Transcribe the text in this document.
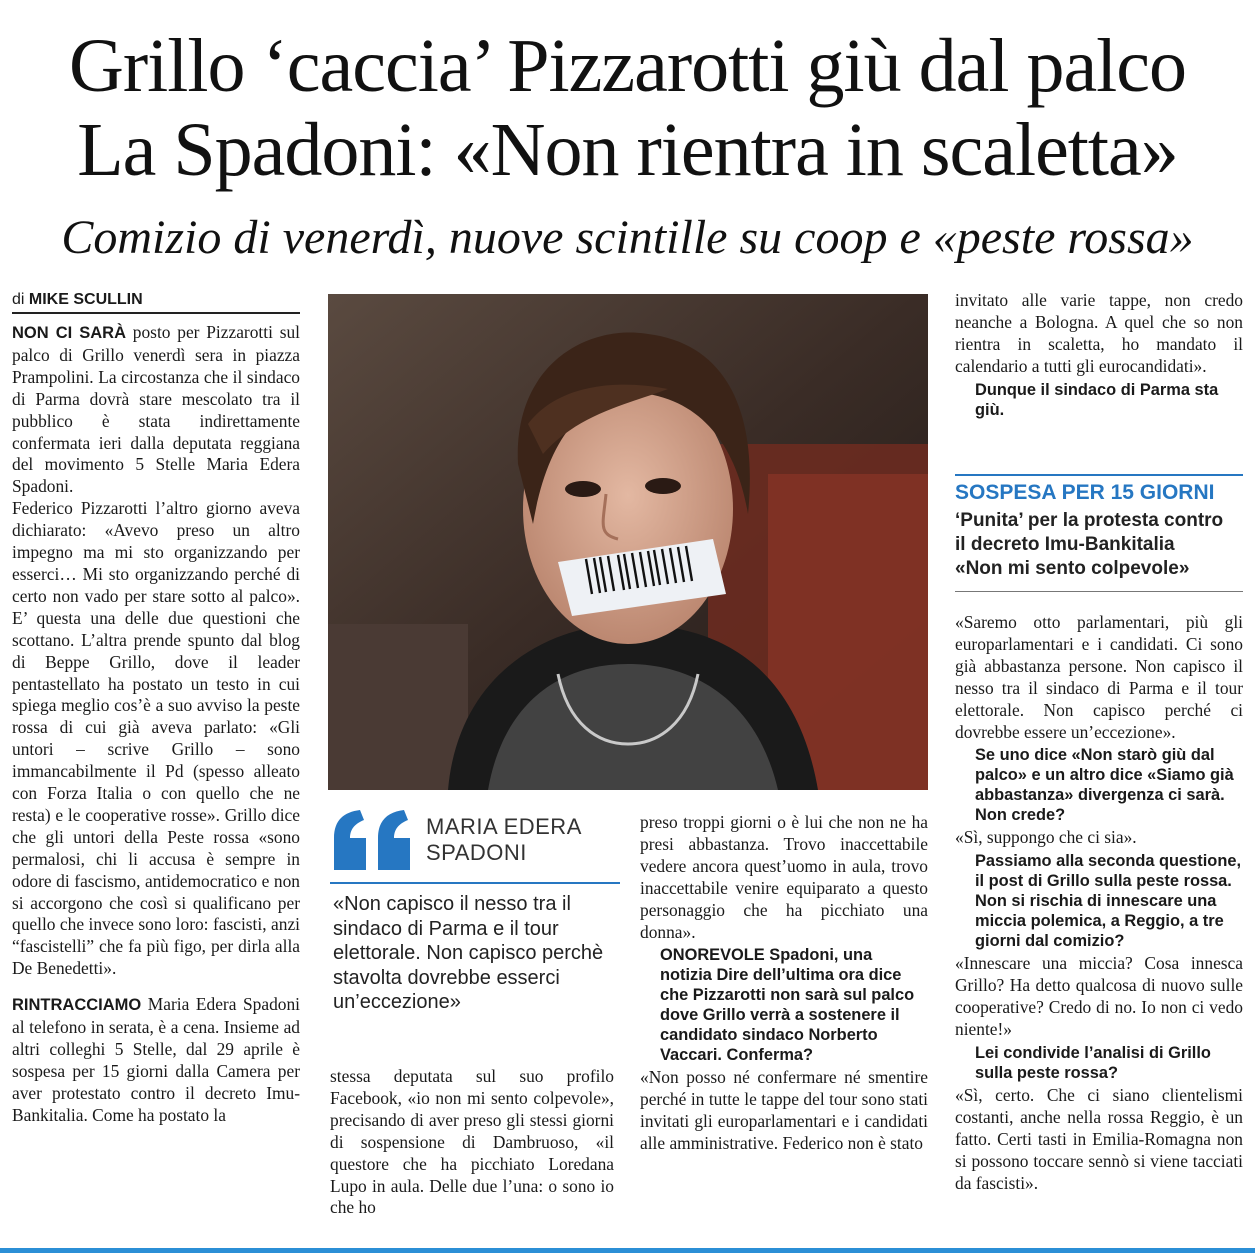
Grillo ‘caccia’ Pizzarotti giù dal palco
La Spadoni: «Non rientra in scaletta»
Comizio di venerdì, nuove scintille su coop e «peste rossa»
di MIKE SCULLIN

NON CI SARÀ posto per Pizzarotti sul palco di Grillo venerdì sera in piazza Prampolini. La circostanza che il sindaco di Parma dovrà stare mescolato tra il pubblico è stata indirettamente confermata ieri dalla deputata reggiana del movimento 5 Stelle Maria Edera Spadoni.

Federico Pizzarotti l’altro giorno aveva dichiarato: «Avevo preso un altro impegno ma mi sto organizzando per esserci… Mi sto organizzando perché di certo non vado per stare sotto al palco». E’ questa una delle due questioni che scottano. L’altra prende spunto dal blog di Beppe Grillo, dove il leader pentastellato ha postato un testo in cui spiega meglio cos’è a suo avviso la peste rossa di cui già aveva parlato: «Gli untori – scrive Grillo – sono immancabilmente il Pd (spesso alleato con Forza Italia o con quello che ne resta) e le cooperative rosse». Grillo dice che gli untori della Peste rossa «sono permalosi, chi li accusa è sempre in odore di fascismo, antidemocratico e non si accorgono che così si qualificano per quello che invece sono loro: fascisti, anzi “fascistelli” che fa più figo, per dirla alla De Benedetti».

RINTRACCIAMO Maria Edera Spadoni al telefono in serata, è a cena. Insieme ad altri colleghi 5 Stelle, dal 29 aprile è sospesa per 15 giorni dalla Camera per aver protestato contro il decreto Imu-Bankitalia. Come ha postato la

MARIA EDERA
SPADONI
«Non capisco il nesso tra il sindaco di Parma e il tour elettorale. Non capisco perchè stavolta dovrebbe esserci un’eccezione»

stessa deputata sul suo profilo Facebook, «io non mi sento colpevole», precisando di aver preso gli stessi giorni di sospensione di Dambruoso, «il questore che ha picchiato Loredana Lupo in aula. Delle due l’una: o sono io che ho

preso troppi giorni o è lui che non ne ha presi abbastanza. Trovo inaccettabile vedere ancora quest’uomo in aula, trovo inaccettabile venire equiparato a questo personaggio che ha picchiato una donna».

ONOREVOLE Spadoni, una notizia Dire dell’ultima ora dice che Pizzarotti non sarà sul palco dove Grillo verrà a sostenere il candidato sindaco Norberto Vaccari. Conferma?

«Non posso né confermare né smentire perché in tutte le tappe del tour sono stati invitati gli europarlamentari e i candidati alle amministrative. Federico non è stato

invitato alle varie tappe, non credo neanche a Bologna. A quel che so non rientra in scaletta, ho mandato il calendario a tutti gli eurocandidati».

Dunque il sindaco di Parma sta giù.

SOSPESA PER 15 GIORNI
‘Punita’ per la protesta contro
il decreto Imu-Bankitalia
«Non mi sento colpevole»

«Saremo otto parlamentari, più gli europarlamentari e i candidati. Ci sono già abbastanza persone. Non capisco il nesso tra il sindaco di Parma e il tour elettorale. Non capisco perché ci dovrebbe essere un’eccezione».

Se uno dice «Non starò giù dal palco» e un altro dice «Siamo già abbastanza» divergenza ci sarà. Non crede?

«Sì, suppongo che ci sia».

Passiamo alla seconda questione, il post di Grillo sulla peste rossa. Non si rischia di innescare una miccia polemica, a Reggio, a tre giorni dal comizio?

«Innescare una miccia? Cosa innesca Grillo? Ha detto qualcosa di nuovo sulle cooperative? Credo di no. Io non ci vedo niente!»

Lei condivide l’analisi di Grillo sulla peste rossa?

«Sì, certo. Che ci siano clientelismi costanti, anche nella rossa Reggio, è un fatto. Certi tasti in Emilia-Romagna non si possono toccare sennò si viene tacciati da fascisti».
